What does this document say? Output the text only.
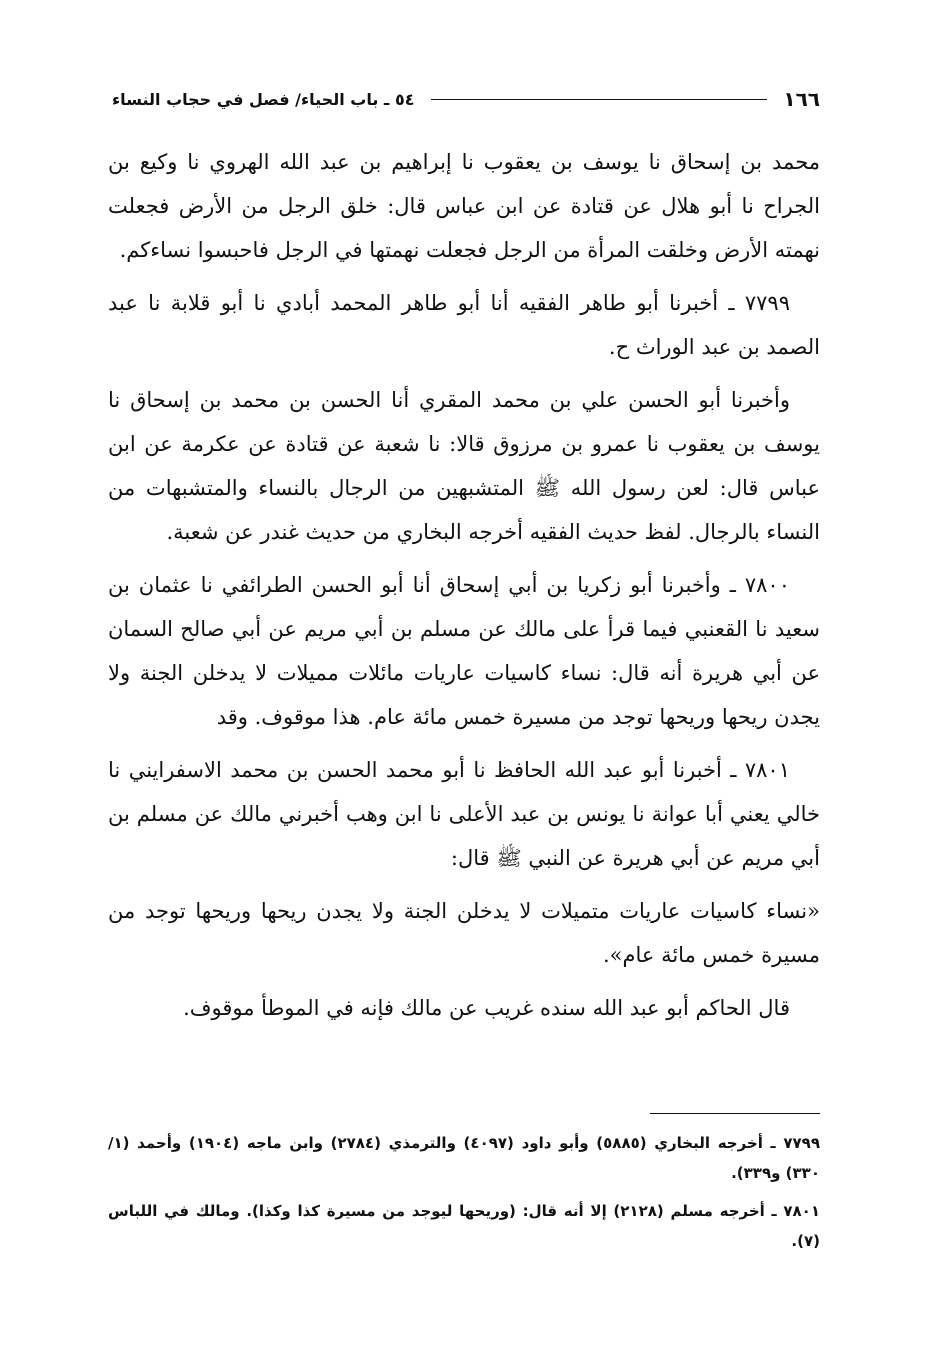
١٦٦
٥٤ ـ باب الحياء/ فصل في حجاب النساء

محمد بن إسحاق نا يوسف بن يعقوب نا إبراهيم بن عبد الله الهروي نا وكيع بن الجراح نا أبو هلال عن قتادة عن ابن عباس قال: خلق الرجل من الأرض فجعلت نهمته الأرض وخلقت المرأة من الرجل فجعلت نهمتها في الرجل فاحبسوا نساءكم.

٧٧٩٩ ـ أخبرنا أبو طاهر الفقيه أنا أبو طاهر المحمد أبادي نا أبو قلابة نا عبد الصمد بن عبد الوراث ح.

وأخبرنا أبو الحسن علي بن محمد المقري أنا الحسن بن محمد بن إسحاق نا يوسف بن يعقوب نا عمرو بن مرزوق قالا: نا شعبة عن قتادة عن عكرمة عن ابن عباس قال: لعن رسول الله ﷺ المتشبهين من الرجال بالنساء والمتشبهات من النساء بالرجال. لفظ حديث الفقيه أخرجه البخاري من حديث غندر عن شعبة.

٧٨٠٠ ـ وأخبرنا أبو زكريا بن أبي إسحاق أنا أبو الحسن الطرائفي نا عثمان بن سعيد نا القعنبي فيما قرأ على مالك عن مسلم بن أبي مريم عن أبي صالح السمان عن أبي هريرة أنه قال: نساء كاسيات عاريات مائلات مميلات لا يدخلن الجنة ولا يجدن ريحها وريحها توجد من مسيرة خمس مائة عام. هذا موقوف. وقد

٧٨٠١ ـ أخبرنا أبو عبد الله الحافظ نا أبو محمد الحسن بن محمد الاسفرايني نا خالي يعني أبا عوانة نا يونس بن عبد الأعلى نا ابن وهب أخبرني مالك عن مسلم بن أبي مريم عن أبي هريرة عن النبي ﷺ قال:

«نساء كاسيات عاريات متميلات لا يدخلن الجنة ولا يجدن ريحها وريحها توجد من مسيرة خمس مائة عام».

قال الحاكم أبو عبد الله سنده غريب عن مالك فإنه في الموطأ موقوف.

٧٧٩٩ ـ أخرجه البخاري (٥٨٨٥) وأبو داود (٤٠٩٧) والترمذي (٢٧٨٤) وابن ماجه (١٩٠٤) وأحمد (١/ ٣٣٠) و٣٣٩).

٧٨٠١ ـ أخرجه مسلم (٢١٢٨) إلا أنه قال: (وريحها ليوجد من مسيرة كذا وكذا). ومالك في اللباس (٧).
